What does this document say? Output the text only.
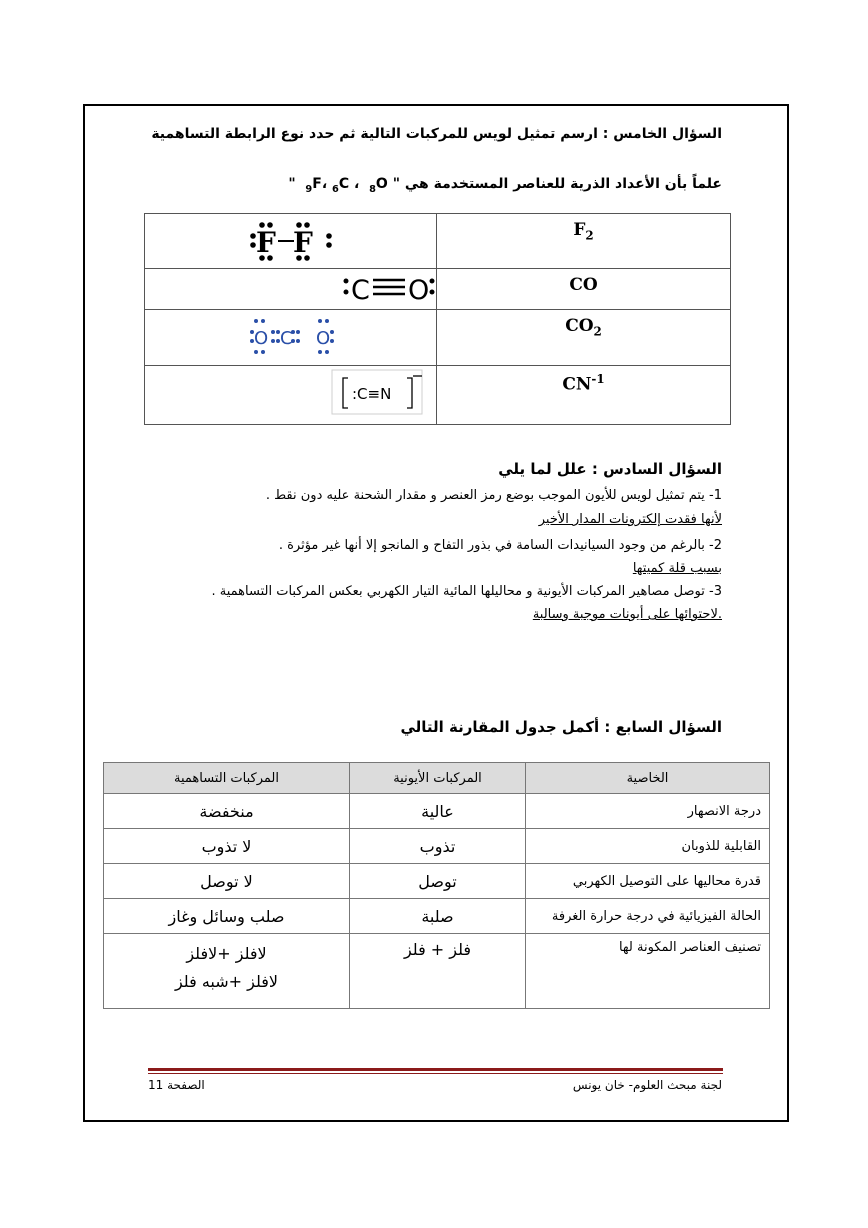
السؤال الخامس : ارسم تمثيل لويس للمركبات التالية ثم حدد نوع الرابطة التساهمية
علماً بأن الأعداد الذرية للعناصر المستخدمة هي " $_9$F، $_6$C ،  $_8$O  "
F F	$F_2$

C O	CO

O C O	$CO_2$

:C≡N	$CN^{-1}$
السؤال السادس : علل لما يلي
1- يتم تمثيل لويس للأيون الموجب بوضع رمز العنصر و مقدار الشحنة عليه دون نقط .
لأنها فقدت إلكترونات المدار الأخير
2- بالرغم من وجود السيانيدات السامة في بذور التفاح و المانجو إلا أنها غير مؤثرة .
بسبب قلة كميتها
3- توصل مصاهير المركبات الأيونية و محاليلها المائية التيار الكهربي بعكس المركبات التساهمية .
.لاحتوائها على أيونات موجبة وسالبة
السؤال السابع : أكمل جدول المقارنة التالي
الخاصية	المركبات الأيونية	المركبات التساهمية
درجة الانصهار	عالية	منخفضة
القابلية للذوبان	تذوب	لا تذوب
قدرة محاليها على التوصيل الكهربي	توصل	لا توصل
الحالة الفيزيائية في درجة حرارة الغرفة	صلبة	صلب وسائل وغاز
تصنيف العناصر المكونة لها	فلز + فلز	لافلز +لافلز
لافلز +شبه فلز
الصفحة 11	لجنة مبحث العلوم- خان يونس
